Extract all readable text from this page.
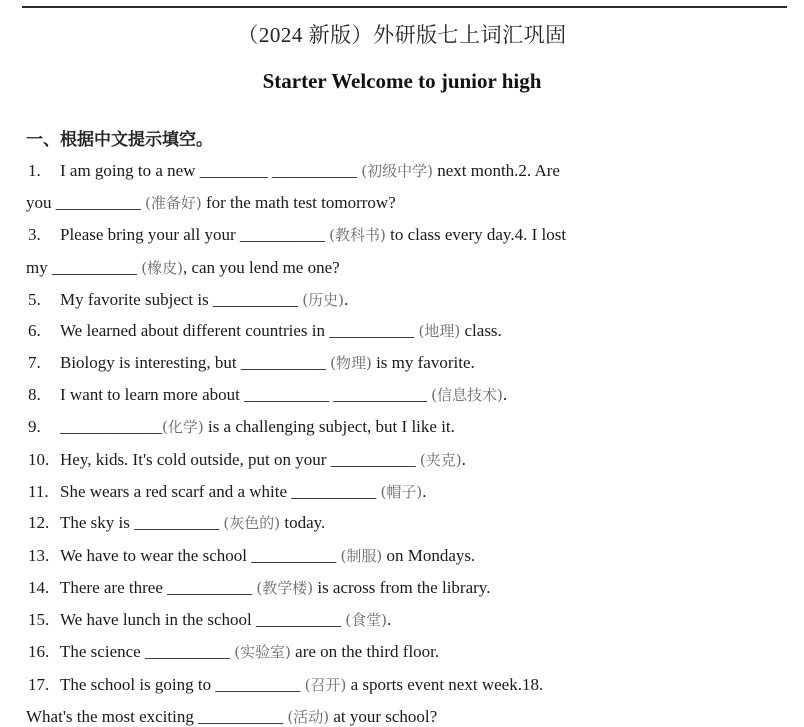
（2024 新版）外研版七上词汇巩固
Starter Welcome to junior high
一、根据中文提示填空。
1. I am going to a new ________ __________ (初级中学) next month.2. Are
you __________ (准备好) for the math test tomorrow?
3. Please bring your all your __________ (教科书) to class every day.4. I lost
my __________ (橡皮), can you lend me one?
5. My favorite subject is __________ (历史).
6. We learned about different countries in __________ (地理) class.
7. Biology is interesting, but __________ (物理) is my favorite.
8. I want to learn more about __________ ___________ (信息技术).
9. ____________(化学) is a challenging subject, but I like it.
10. Hey, kids. It's cold outside, put on your __________ (夹克).
11. She wears a red scarf and a white __________ (帽子).
12. The sky is __________ (灰色的) today.
13. We have to wear the school __________ (制服) on Mondays.
14. There are three __________ (教学楼) is across from the library.
15. We have lunch in the school __________ (食堂).
16. The science __________ (实验室) are on the third floor.
17. The school is going to __________ (召开) a sports event next week.18.
What's the most exciting __________ (活动) at your school?
